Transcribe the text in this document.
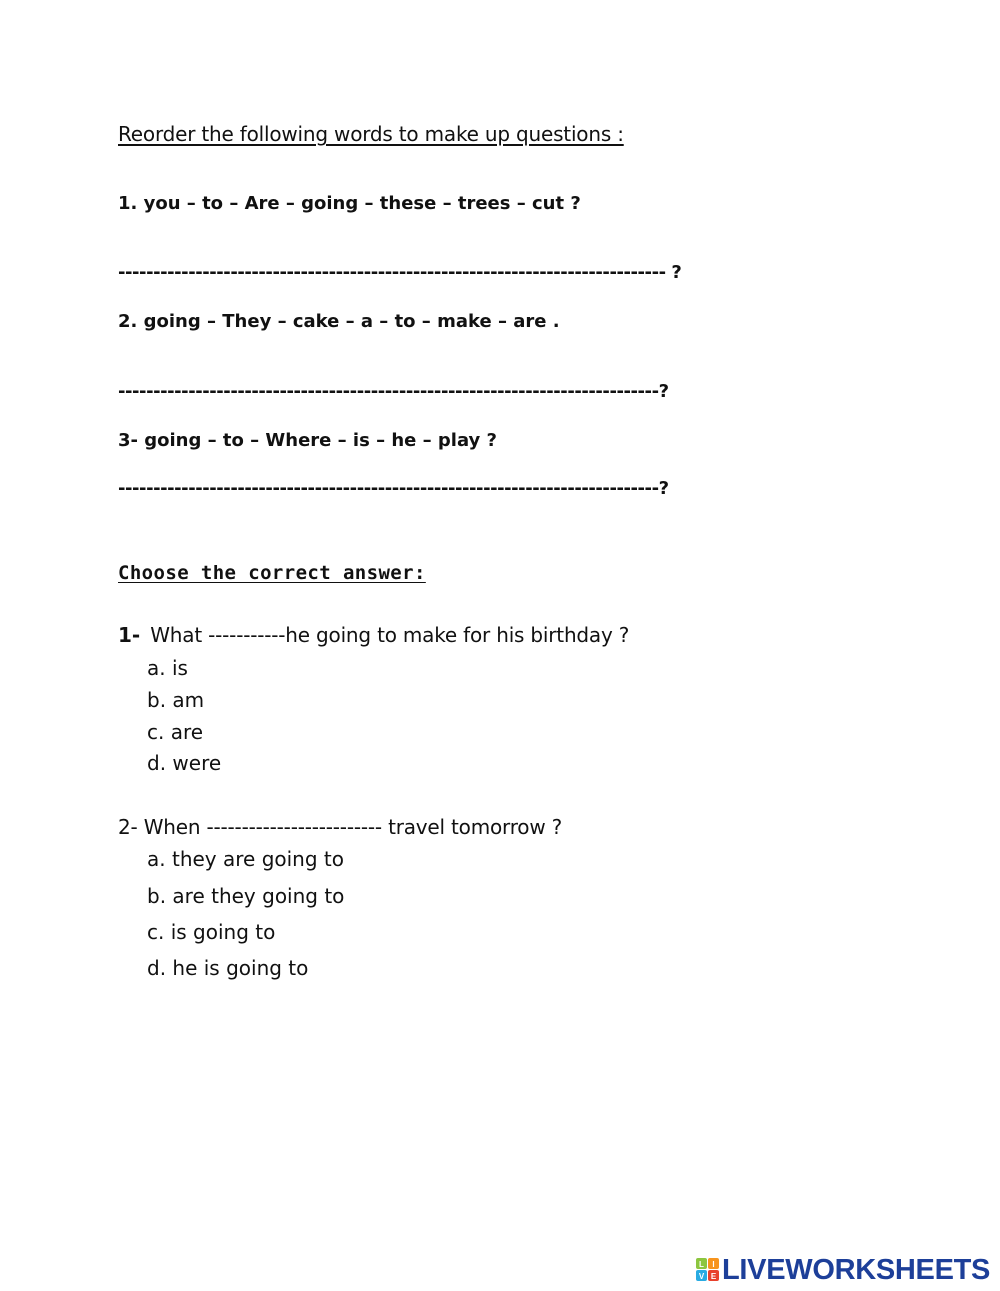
Reorder the following words to make up questions :
1. you – to – Are – going – these – trees – cut ?
------------------------------------------------------------------------------ ?
2. going – They – cake – a – to – make – are .
-----------------------------------------------------------------------------?
3- going – to – Where – is – he – play ?
-----------------------------------------------------------------------------?
Choose the correct answer:
1- What -----------he going to make for his birthday ?
a. is
b. am
c. are
d. were
2- When ------------------------- travel tomorrow ?
a. they are going to
b. are they going to
c. is going to
d. he is going to
L I
V E LIVEWORKSHEETS
